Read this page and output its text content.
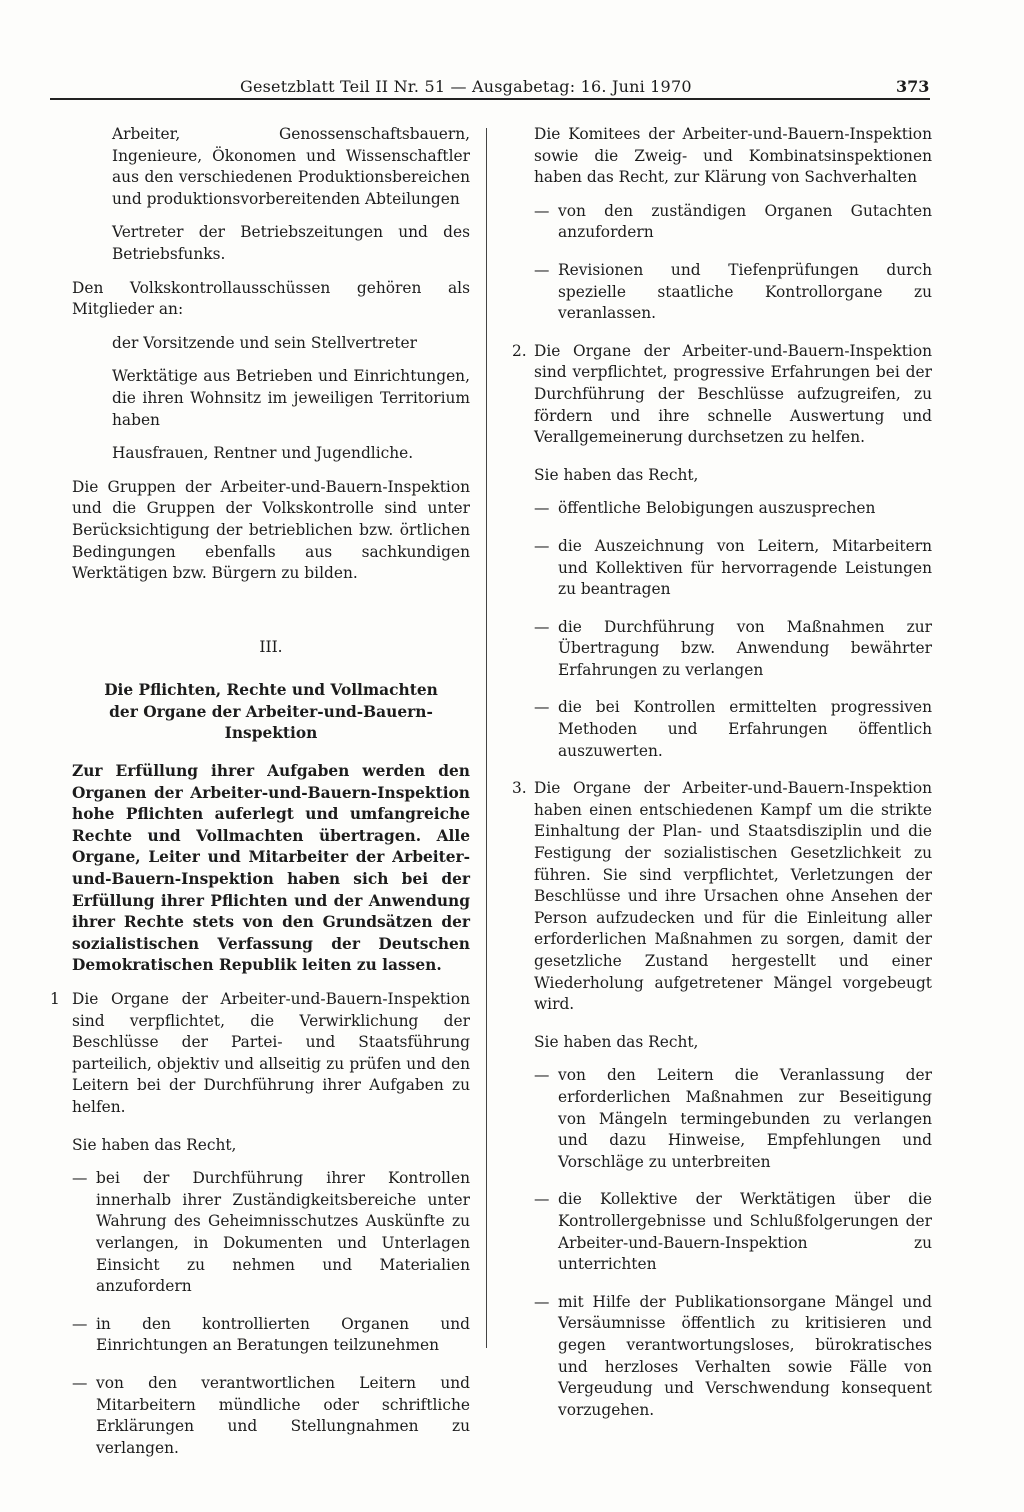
Gesetzblatt Teil II Nr. 51 — Ausgabetag: 16. Juni 1970	373

Arbeiter, Genossenschaftsbauern, Ingenieure, Ökonomen und Wissenschaftler aus den verschiedenen Produktionsbereichen und produktionsvorbereitenden Abteilungen

Vertreter der Betriebszeitungen und des Betriebsfunks.

Den Volkskontrollausschüssen gehören als Mitglieder an:

der Vorsitzende und sein Stellvertreter

Werktätige aus Betrieben und Einrichtungen, die ihren Wohnsitz im jeweiligen Territorium haben

Hausfrauen, Rentner und Jugendliche.

Die Gruppen der Arbeiter-und-Bauern-Inspektion und die Gruppen der Volkskontrolle sind unter Berücksichtigung der betrieblichen bzw. örtlichen Bedingungen ebenfalls aus sachkundigen Werktätigen bzw. Bürgern zu bilden.

III.

Die Pflichten, Rechte und Vollmachten
der Organe der Arbeiter-und-Bauern-Inspektion

Zur Erfüllung ihrer Aufgaben werden den Organen der Arbeiter-und-Bauern-Inspektion hohe Pflichten auferlegt und umfangreiche Rechte und Vollmachten übertragen. Alle Organe, Leiter und Mitarbeiter der Arbeiter-und-Bauern-Inspektion haben sich bei der Erfüllung ihrer Pflichten und der Anwendung ihrer Rechte stets von den Grundsätzen der sozialistischen Verfassung der Deutschen Demokratischen Republik leiten zu lassen.

1 Die Organe der Arbeiter-und-Bauern-Inspektion sind verpflichtet, die Verwirklichung der Beschlüsse der Partei- und Staatsführung parteilich, objektiv und allseitig zu prüfen und den Leitern bei der Durchführung ihrer Aufgaben zu helfen.

Sie haben das Recht,

— bei der Durchführung ihrer Kontrollen innerhalb ihrer Zuständigkeitsbereiche unter Wahrung des Geheimnisschutzes Auskünfte zu verlangen, in Dokumenten und Unterlagen Einsicht zu nehmen und Materialien anzufordern

— in den kontrollierten Organen und Einrichtungen an Beratungen teilzunehmen

— von den verantwortlichen Leitern und Mitarbeitern mündliche oder schriftliche Erklärungen und Stellungnahmen zu verlangen.

Die Komitees der Arbeiter-und-Bauern-Inspektion sowie die Zweig- und Kombinatsinspektionen haben das Recht, zur Klärung von Sachverhalten

— von den zuständigen Organen Gutachten anzufordern

— Revisionen und Tiefenprüfungen durch spezielle staatliche Kontrollorgane zu veranlassen.

2. Die Organe der Arbeiter-und-Bauern-Inspektion sind verpflichtet, progressive Erfahrungen bei der Durchführung der Beschlüsse aufzugreifen, zu fördern und ihre schnelle Auswertung und Verallgemeinerung durchsetzen zu helfen.

Sie haben das Recht,

— öffentliche Belobigungen auszusprechen

— die Auszeichnung von Leitern, Mitarbeitern und Kollektiven für hervorragende Leistungen zu beantragen

— die Durchführung von Maßnahmen zur Übertragung bzw. Anwendung bewährter Erfahrungen zu verlangen

— die bei Kontrollen ermittelten progressiven Methoden und Erfahrungen öffentlich auszuwerten.

3. Die Organe der Arbeiter-und-Bauern-Inspektion haben einen entschiedenen Kampf um die strikte Einhaltung der Plan- und Staatsdisziplin und die Festigung der sozialistischen Gesetzlichkeit zu führen. Sie sind verpflichtet, Verletzungen der Beschlüsse und ihre Ursachen ohne Ansehen der Person aufzudecken und für die Einleitung aller erforderlichen Maßnahmen zu sorgen, damit der gesetzliche Zustand hergestellt und einer Wiederholung aufgetretener Mängel vorgebeugt wird.

Sie haben das Recht,

— von den Leitern die Veranlassung der erforderlichen Maßnahmen zur Beseitigung von Mängeln termingebunden zu verlangen und dazu Hinweise, Empfehlungen und Vorschläge zu unterbreiten

— die Kollektive der Werktätigen über die Kontrollergebnisse und Schlußfolgerungen der Arbeiter-und-Bauern-Inspektion zu unterrichten

— mit Hilfe der Publikationsorgane Mängel und Versäumnisse öffentlich zu kritisieren und gegen verantwortungsloses, bürokratisches und herzloses Verhalten sowie Fälle von Vergeudung und Verschwendung konsequent vorzugehen.
